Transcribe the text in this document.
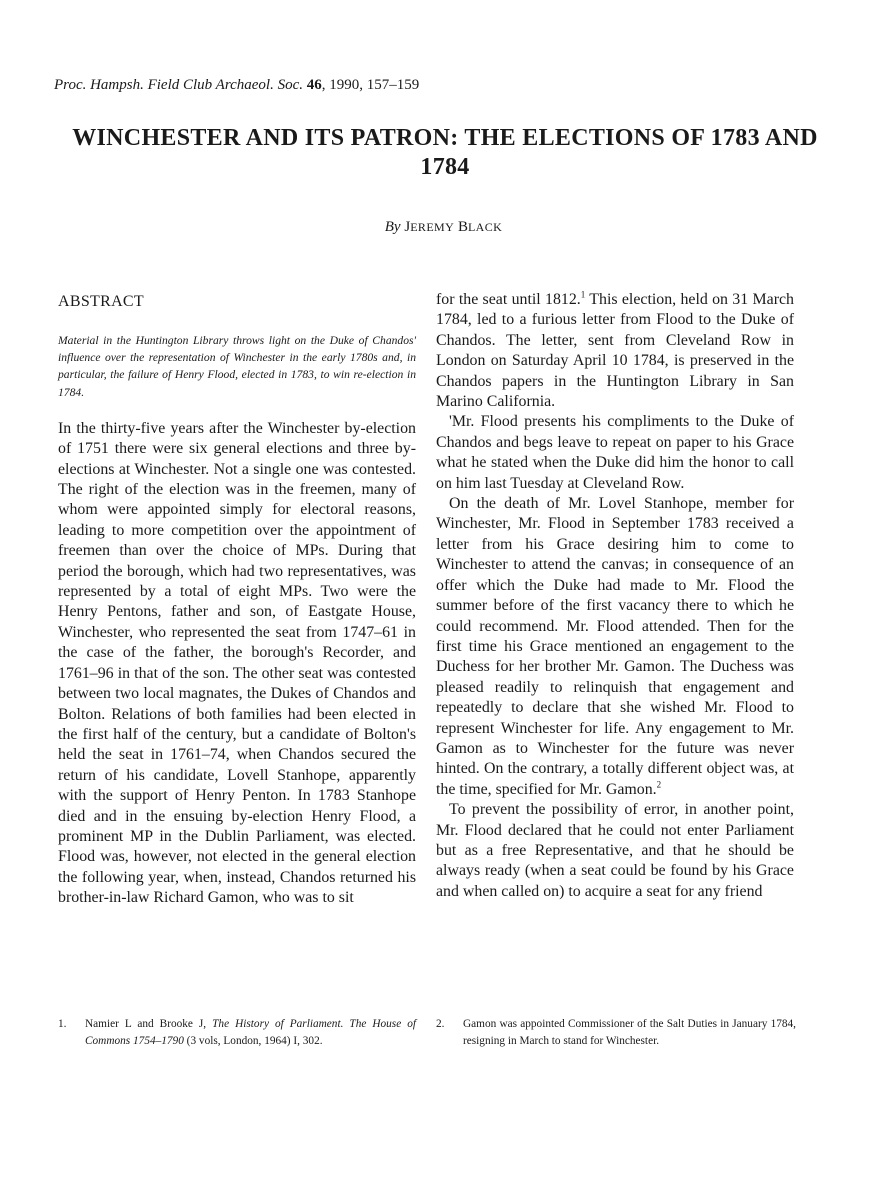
Proc. Hampsh. Field Club Archaeol. Soc. 46, 1990, 157–159
WINCHESTER AND ITS PATRON: THE ELECTIONS OF 1783 AND 1784
By JEREMY BLACK
ABSTRACT

Material in the Huntington Library throws light on the Duke of Chandos' influence over the representation of Winchester in the early 1780s and, in particular, the failure of Henry Flood, elected in 1783, to win re-election in 1784.

In the thirty-five years after the Winchester by-election of 1751 there were six general elections and three by-elections at Winchester. Not a single one was contested. The right of the election was in the freemen, many of whom were appointed simply for electoral reasons, leading to more competition over the appointment of freemen than over the choice of MPs. During that period the borough, which had two representatives, was represented by a total of eight MPs. Two were the Henry Pentons, father and son, of Eastgate House, Winchester, who represented the seat from 1747–61 in the case of the father, the borough's Recorder, and 1761–96 in that of the son. The other seat was contested between two local magnates, the Dukes of Chandos and Bolton. Relations of both families had been elected in the first half of the century, but a candidate of Bolton's held the seat in 1761–74, when Chandos secured the return of his candidate, Lovell Stanhope, apparently with the support of Henry Penton. In 1783 Stanhope died and in the ensuing by-election Henry Flood, a prominent MP in the Dublin Parliament, was elected. Flood was, however, not elected in the general election the following year, when, instead, Chandos returned his brother-in-law Richard Gamon, who was to sit

for the seat until 1812.$^1$ This election, held on 31 March 1784, led to a furious letter from Flood to the Duke of Chandos. The letter, sent from Cleveland Row in London on Saturday April 10 1784, is preserved in the Chandos papers in the Huntington Library in San Marino California.

'Mr. Flood presents his compliments to the Duke of Chandos and begs leave to repeat on paper to his Grace what he stated when the Duke did him the honor to call on him last Tuesday at Cleveland Row.

On the death of Mr. Lovel Stanhope, member for Winchester, Mr. Flood in September 1783 received a letter from his Grace desiring him to come to Winchester to attend the canvas; in consequence of an offer which the Duke had made to Mr. Flood the summer before of the first vacancy there to which he could recommend. Mr. Flood attended. Then for the first time his Grace mentioned an engagement to the Duchess for her brother Mr. Gamon. The Duchess was pleased readily to relinquish that engagement and repeatedly to declare that she wished Mr. Flood to represent Winchester for life. Any engagement to Mr. Gamon as to Winchester for the future was never hinted. On the contrary, a totally different object was, at the time, specified for Mr. Gamon.$^2$

To prevent the possibility of error, in another point, Mr. Flood declared that he could not enter Parliament but as a free Representative, and that he should be always ready (when a seat could be found by his Grace and when called on) to acquire a seat for any friend

1.	Namier L and Brooke J, The History of Parliament. The House of Commons 1754–1790 (3 vols, London, 1964) I, 302.
2.	Gamon was appointed Commissioner of the Salt Duties in January 1784, resigning in March to stand for Winchester.
